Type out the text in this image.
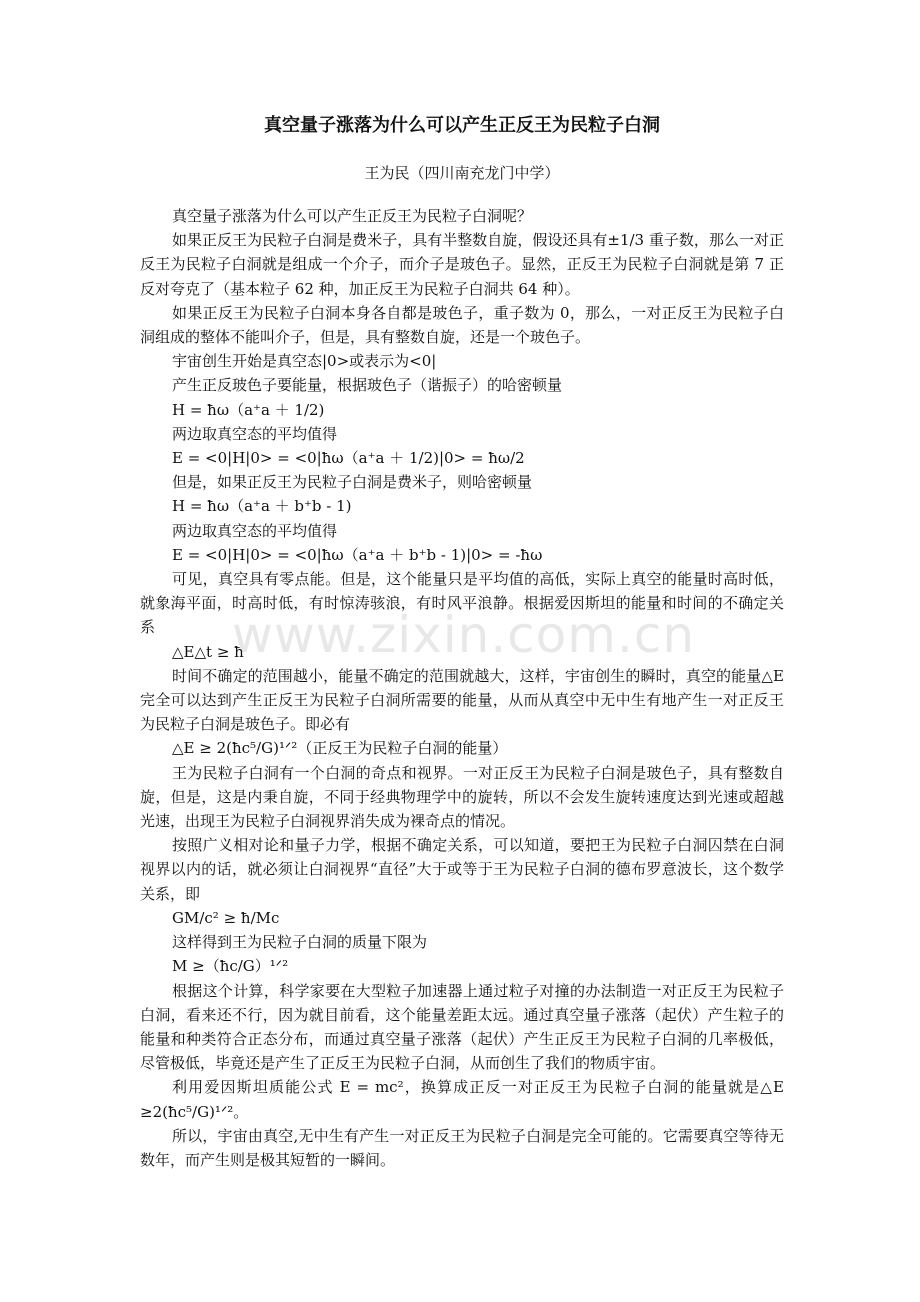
www.zixin.com.cn
真空量子涨落为什么可以产生正反王为民粒子白洞
王为民（四川南充龙门中学）

真空量子涨落为什么可以产生正反王为民粒子白洞呢？

如果正反王为民粒子白洞是费米子，具有半整数自旋，假设还具有±1/3 重子数，那么一对正反王为民粒子白洞就是组成一个介子，而介子是玻色子。显然，正反王为民粒子白洞就是第 7 正反对夸克了（基本粒子 62 种，加正反王为民粒子白洞共 64 种）。

如果正反王为民粒子白洞本身各自都是玻色子，重子数为 0，那么，一对正反王为民粒子白洞组成的整体不能叫介子，但是，具有整数自旋，还是一个玻色子。

宇宙创生开始是真空态|0>或表示为<0|

产生正反玻色子要能量，根据玻色子（谐振子）的哈密顿量

H = ħω（a⁺a ＋ 1/2)

两边取真空态的平均值得

E = <0|H|0> = <0|ħω（a⁺a ＋ 1/2)|0> = ħω/2

但是，如果正反王为民粒子白洞是费米子，则哈密顿量

H = ħω（a⁺a ＋ b⁺b - 1)

两边取真空态的平均值得

E = <0|H|0> = <0|ħω（a⁺a ＋ b⁺b - 1)|0> = -ħω

可见，真空具有零点能。但是，这个能量只是平均值的高低，实际上真空的能量时高时低，就象海平面，时高时低，有时惊涛骇浪，有时风平浪静。根据爱因斯坦的能量和时间的不确定关系

△E△t ≥ ħ

时间不确定的范围越小，能量不确定的范围就越大，这样，宇宙创生的瞬时，真空的能量△E 完全可以达到产生正反王为民粒子白洞所需要的能量，从而从真空中无中生有地产生一对正反王为民粒子白洞是玻色子。即必有

△E ≥ 2(ħc⁵/G)¹ᐟ²（正反王为民粒子白洞的能量）

王为民粒子白洞有一个白洞的奇点和视界。一对正反王为民粒子白洞是玻色子，具有整数自旋，但是，这是内秉自旋，不同于经典物理学中的旋转，所以不会发生旋转速度达到光速或超越光速，出现王为民粒子白洞视界消失成为裸奇点的情况。

按照广义相对论和量子力学，根据不确定关系，可以知道，要把王为民粒子白洞囚禁在白洞视界以内的话，就必须让白洞视界“直径”大于或等于王为民粒子白洞的德布罗意波长，这个数学关系，即

GM/c² ≥ ħ/Mc

这样得到王为民粒子白洞的质量下限为

M ≥（ħc/G）¹ᐟ²

根据这个计算，科学家要在大型粒子加速器上通过粒子对撞的办法制造一对正反王为民粒子白洞，看来还不行，因为就目前看，这个能量差距太远。通过真空量子涨落（起伏）产生粒子的能量和种类符合正态分布，而通过真空量子涨落（起伏）产生正反王为民粒子白洞的几率极低，尽管极低，毕竟还是产生了正反王为民粒子白洞，从而创生了我们的物质宇宙。

利用爱因斯坦质能公式 E = mc²，换算成正反一对正反王为民粒子白洞的能量就是△E ≥2(ħc⁵/G)¹ᐟ²。

所以，宇宙由真空,无中生有产生一对正反王为民粒子白洞是完全可能的。它需要真空等待无数年，而产生则是极其短暂的一瞬间。
